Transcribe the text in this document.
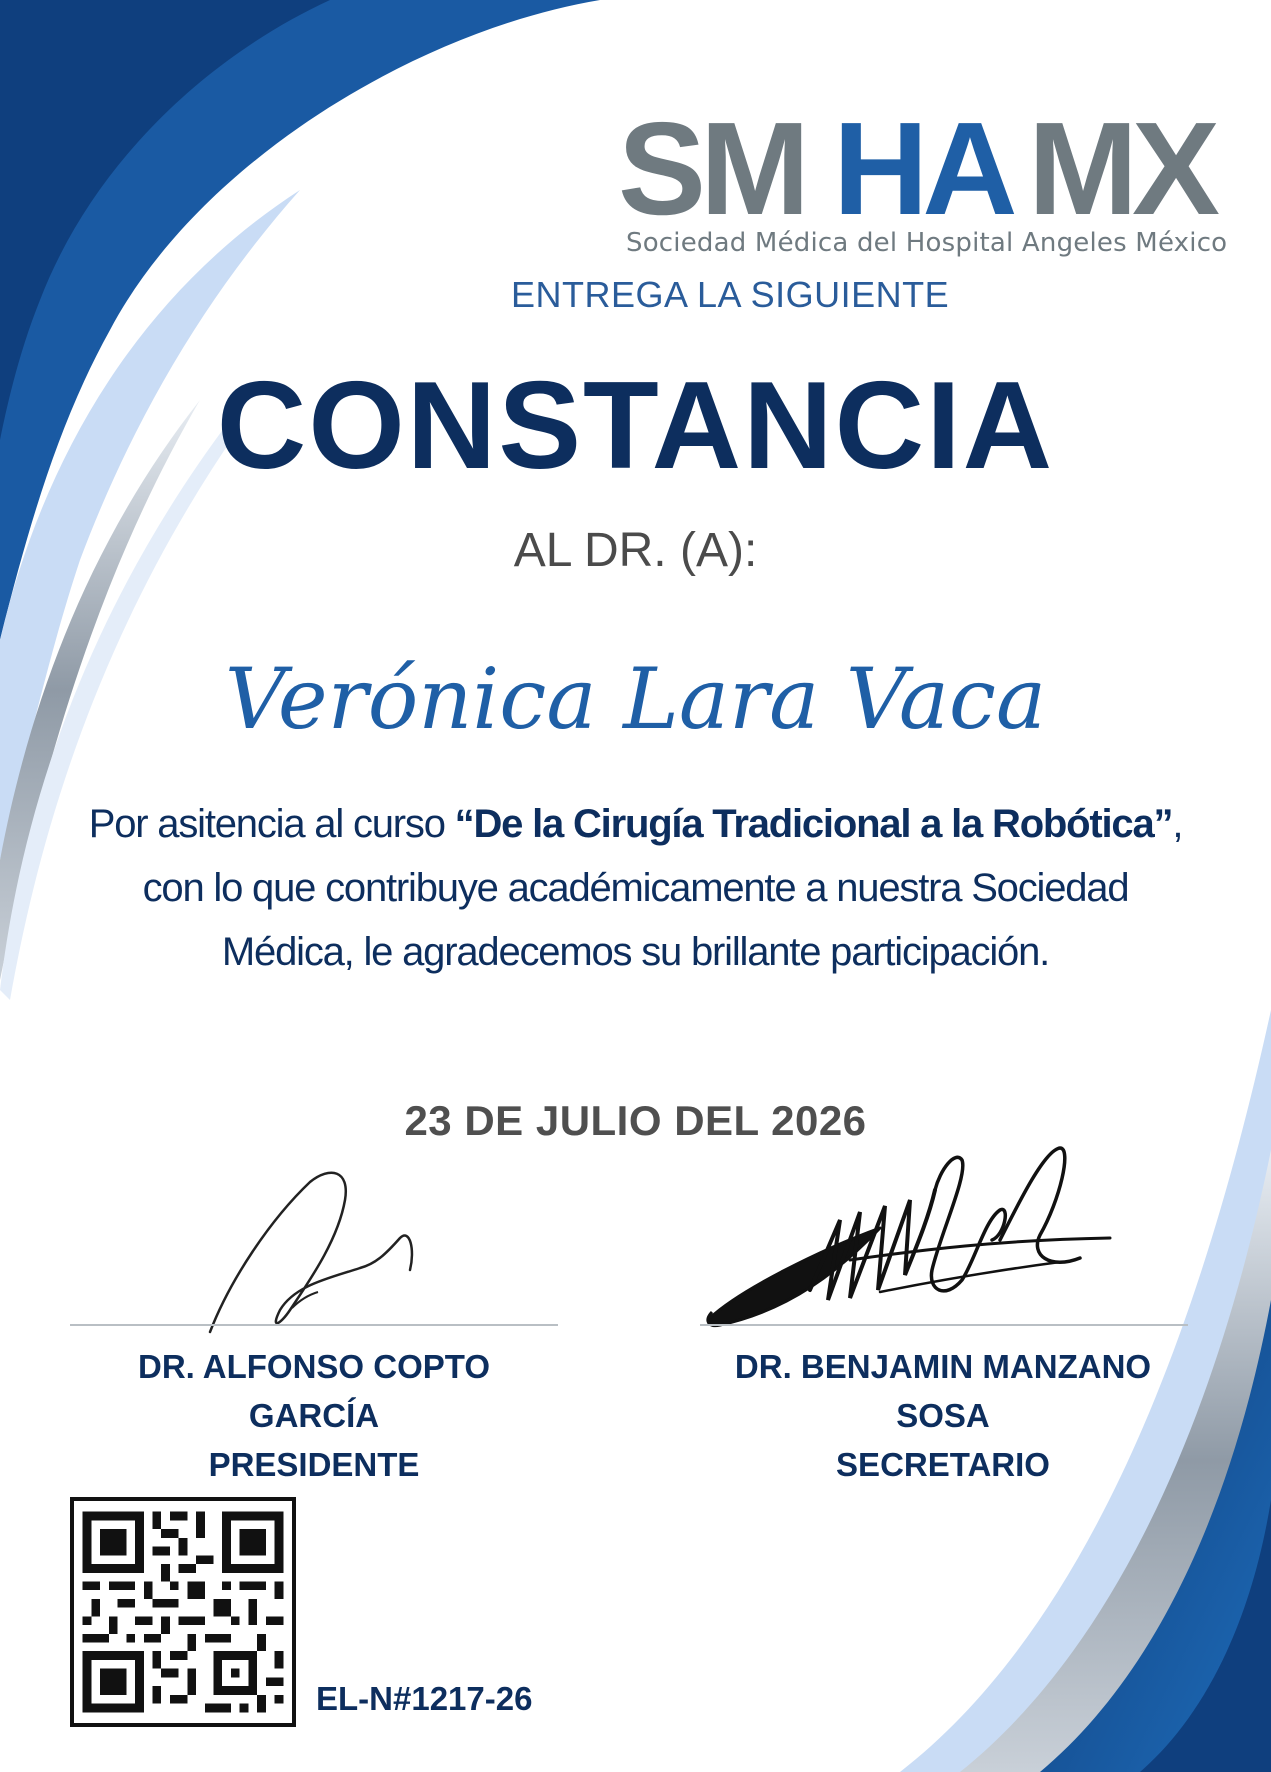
SM HA MX
Sociedad Médica del Hospital Angeles México
ENTREGA LA SIGUIENTE
CONSTANCIA
AL DR. (A):
Verónica Lara Vaca
Por asitencia al curso “De la Cirugía Tradicional a la Robótica”, con lo que contribuye académicamente a nuestra Sociedad Médica, le agradecemos su brillante participación.
23 DE JULIO DEL 2026
DR. ALFONSO COPTO
GARCÍA
PRESIDENTE
DR. BENJAMIN MANZANO
SOSA
SECRETARIO
EL-N#1217-26
